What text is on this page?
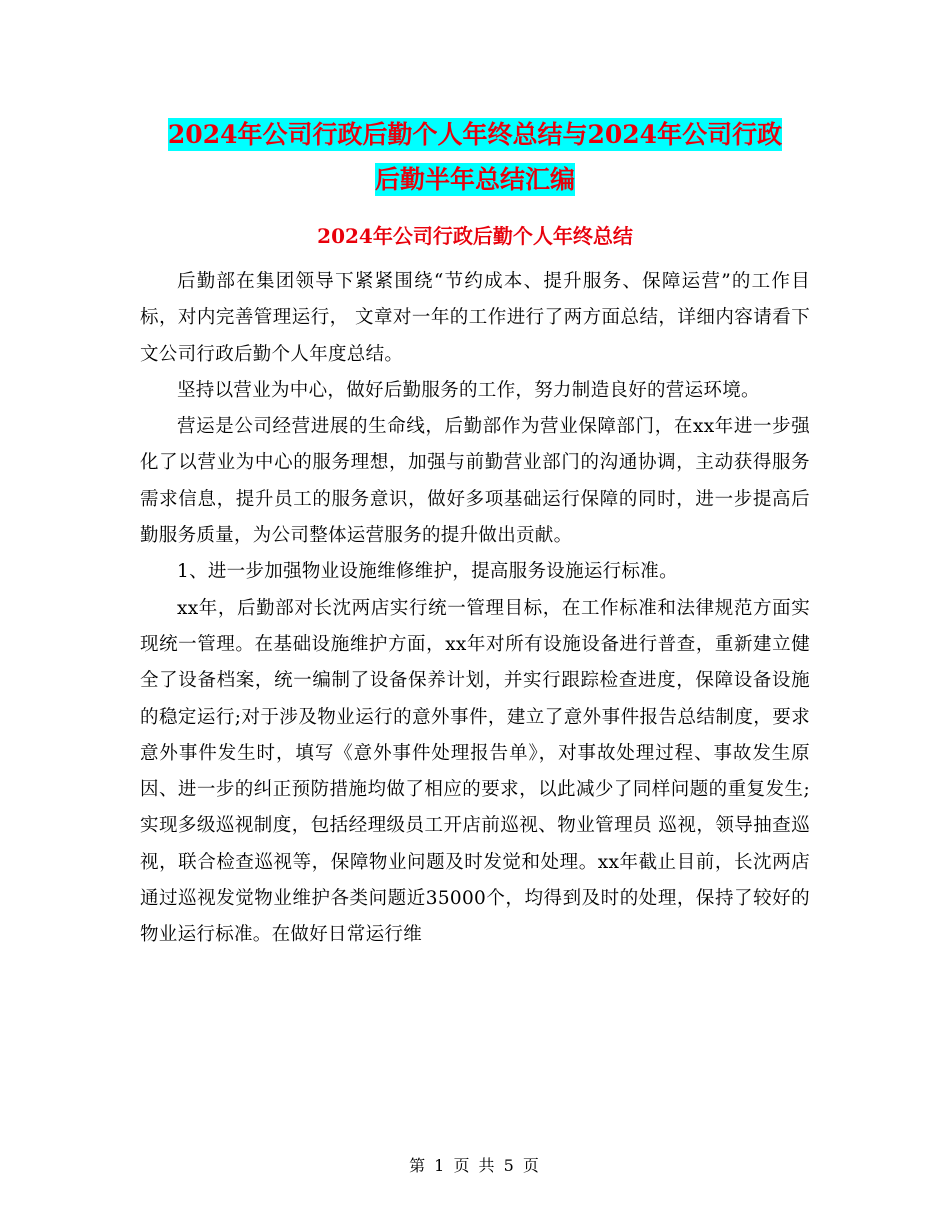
2024年公司行政后勤个人年终总结与2024年公司行政
后勤半年总结汇编
2024年公司行政后勤个人年终总结

后勤部在集团领导下紧紧围绕“节约成本、提升服务、保障运营”的工作目标，对内完善管理运行， 文章对一年的工作进行了两方面总结，详细内容请看下文公司行政后勤个人年度总结。

坚持以营业为中心，做好后勤服务的工作，努力制造良好的营运环境。

营运是公司经营进展的生命线，后勤部作为营业保障部门，在xx年进一步强化了以营业为中心的服务理想，加强与前勤营业部门的沟通协调，主动获得服务需求信息，提升员工的服务意识，做好多项基础运行保障的同时，进一步提高后勤服务质量，为公司整体运营服务的提升做出贡献。

1、进一步加强物业设施维修维护，提高服务设施运行标准。

xx年，后勤部对长沈两店实行统一管理目标，在工作标准和法律规范方面实现统一管理。在基础设施维护方面，xx年对所有设施设备进行普查，重新建立健全了设备档案，统一编制了设备保养计划，并实行跟踪检查进度，保障设备设施的稳定运行;对于涉及物业运行的意外事件，建立了意外事件报告总结制度，要求意外事件发生时，填写《意外事件处理报告单》，对事故处理过程、事故发生原因、进一步的纠正预防措施均做了相应的要求，以此减少了同样问题的重复发生;实现多级巡视制度，包括经理级员工开店前巡视、物业管理员 巡视，领导抽查巡视，联合检查巡视等，保障物业问题及时发觉和处理。xx年截止目前，长沈两店通过巡视发觉物业维护各类问题近35000个，均得到及时的处理，保持了较好的物业运行标准。在做好日常运行维

第 1 页 共 5 页
